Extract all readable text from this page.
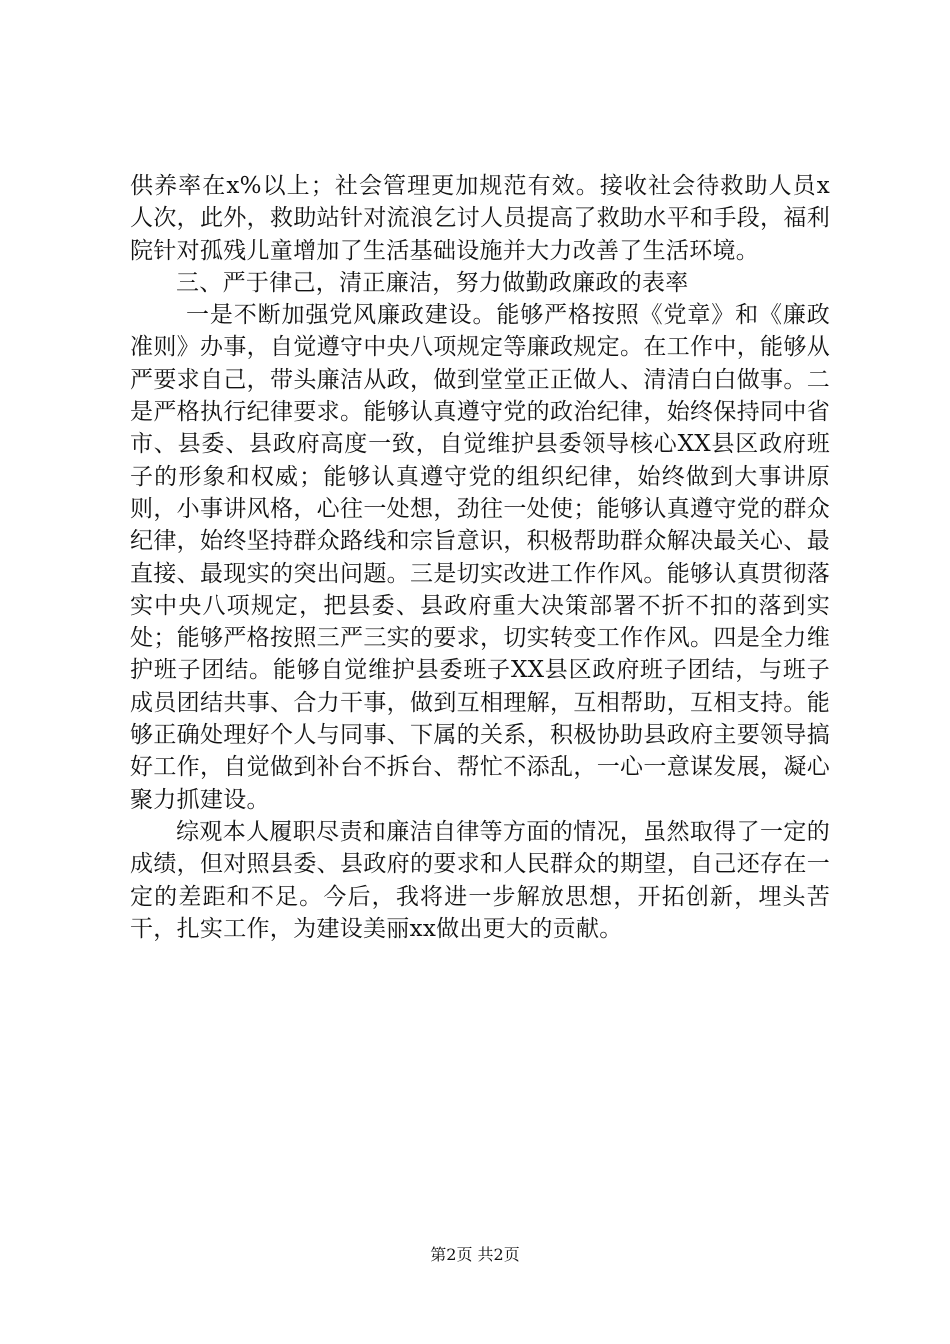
供养率在x%以上；社会管理更加规范有效。接收社会待救助人员x人次，此外，救助站针对流浪乞讨人员提高了救助水平和手段，福利院针对孤残儿童增加了生活基础设施并大力改善了生活环境。

三、严于律己，清正廉洁，努力做勤政廉政的表率

一是不断加强党风廉政建设。能够严格按照《党章》和《廉政准则》办事，自觉遵守中央八项规定等廉政规定。在工作中，能够从严要求自己，带头廉洁从政，做到堂堂正正做人、清清白白做事。二是严格执行纪律要求。能够认真遵守党的政治纪律，始终保持同中省市、县委、县政府高度一致，自觉维护县委领导核心XX县区政府班子的形象和权威；能够认真遵守党的组织纪律，始终做到大事讲原则，小事讲风格，心往一处想，劲往一处使；能够认真遵守党的群众纪律，始终坚持群众路线和宗旨意识，积极帮助群众解决最关心、最直接、最现实的突出问题。三是切实改进工作作风。能够认真贯彻落实中央八项规定，把县委、县政府重大决策部署不折不扣的落到实处；能够严格按照三严三实的要求，切实转变工作作风。四是全力维护班子团结。能够自觉维护县委班子XX县区政府班子团结，与班子成员团结共事、合力干事，做到互相理解，互相帮助，互相支持。能够正确处理好个人与同事、下属的关系，积极协助县政府主要领导搞好工作，自觉做到补台不拆台、帮忙不添乱，一心一意谋发展，凝心聚力抓建设。

综观本人履职尽责和廉洁自律等方面的情况，虽然取得了一定的成绩，但对照县委、县政府的要求和人民群众的期望，自己还存在一定的差距和不足。今后，我将进一步解放思想，开拓创新，埋头苦干，扎实工作，为建设美丽xx做出更大的贡献。

第2页 共2页
